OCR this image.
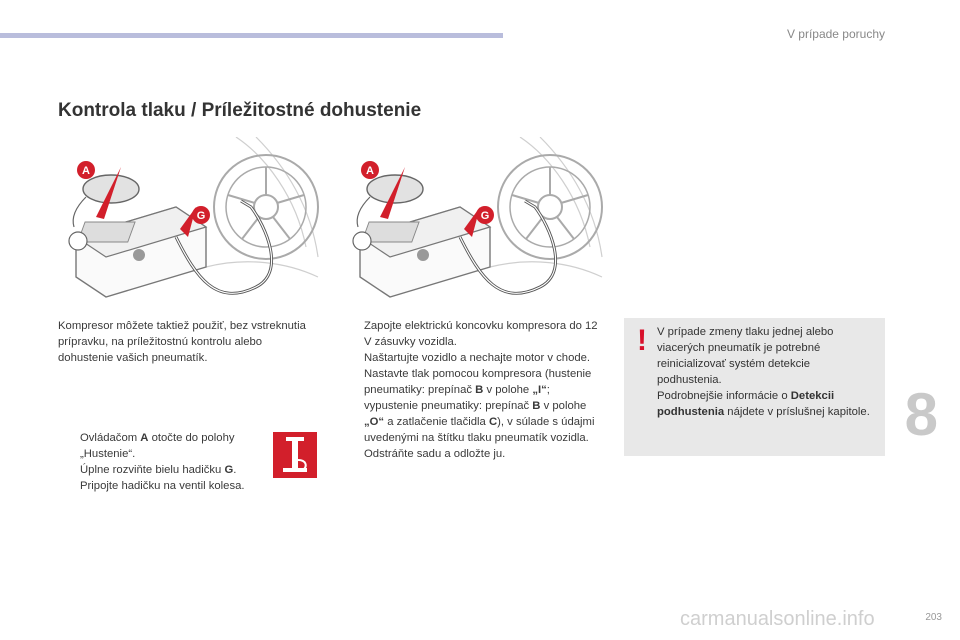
V prípade poruchy
Kontrola tlaku / Príležitostné dohustenie
A
G
A
G

Kompresor môžete taktiež použiť, bez vstreknutia prípravku, na príležitostnú kontrolu alebo dohustenie vašich pneumatík.

Ovládačom A otočte do polohy „Hustenie“.
Úplne rozviňte bielu hadičku G.
Pripojte hadičku na ventil kolesa.
Zapojte elektrickú koncovku kompresora do 12 V zásuvky vozidla.
Naštartujte vozidlo a nechajte motor v chode.
Nastavte tlak pomocou kompresora (hustenie pneumatiky: prepínač B v polohe „I“; vypustenie pneumatiky: prepínač B v polohe „O“ a zatlačenie tlačidla C), v súlade s údajmi uvedenými na štítku tlaku pneumatík vozidla.
Odstráňte sadu a odložte ju.
! V prípade zmeny tlaku jednej alebo viacerých pneumatík je potrebné reinicializovať systém detekcie podhustenia.
Podrobnejšie informácie o Detekcii podhustenia nájdete v príslušnej kapitole. 8
203
carmanualsonline.info
